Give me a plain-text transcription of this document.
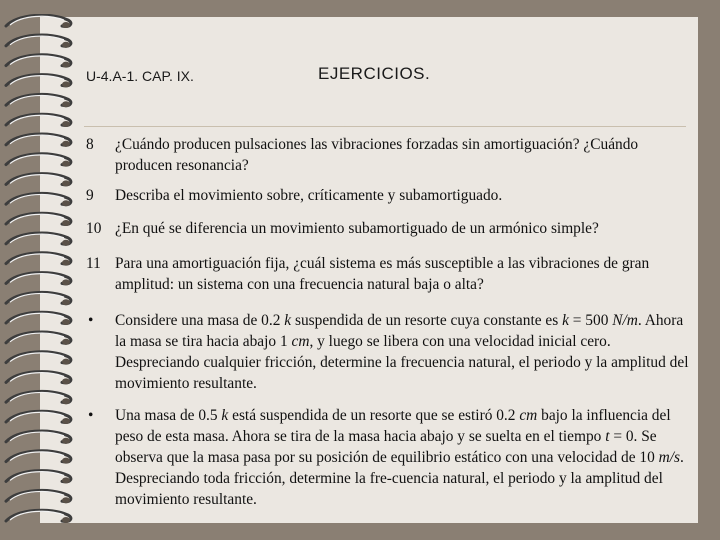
U-4.A-1. CAP. IX.	EJERCICIOS.
8	¿Cuándo producen pulsaciones las vibraciones forzadas sin amortiguación? ¿Cuándo producen resonancia?
9	Describa el movimiento sobre, críticamente y subamortiguado.
10 ¿En qué se diferencia un movimiento subamortiguado de un armónico simple?
11 Para una amortiguación fija, ¿cuál sistema es más susceptible a las vibraciones de gran amplitud: un sistema con una frecuencia natural baja o alta?
•	Considere una masa de 0.2 k suspendida de un resorte cuya constante es k = 500 N/m. Ahora la masa se tira hacia abajo 1 cm, y luego se libera con una velocidad inicial cero. Despreciando cualquier fricción, determine la frecuencia natural, el periodo y la amplitud del movimiento resultante.
•	Una masa de 0.5 k está suspendida de un resorte que se estiró 0.2 cm bajo la influencia del peso de esta masa. Ahora se tira de la masa hacia abajo y se suelta en el tiempo t = 0. Se observa que la masa pasa por su posición de equilibrio estático con una velocidad de 10 m/s. Despreciando toda fricción, determine la fre-cuencia natural, el periodo y la amplitud del movimiento resultante.
